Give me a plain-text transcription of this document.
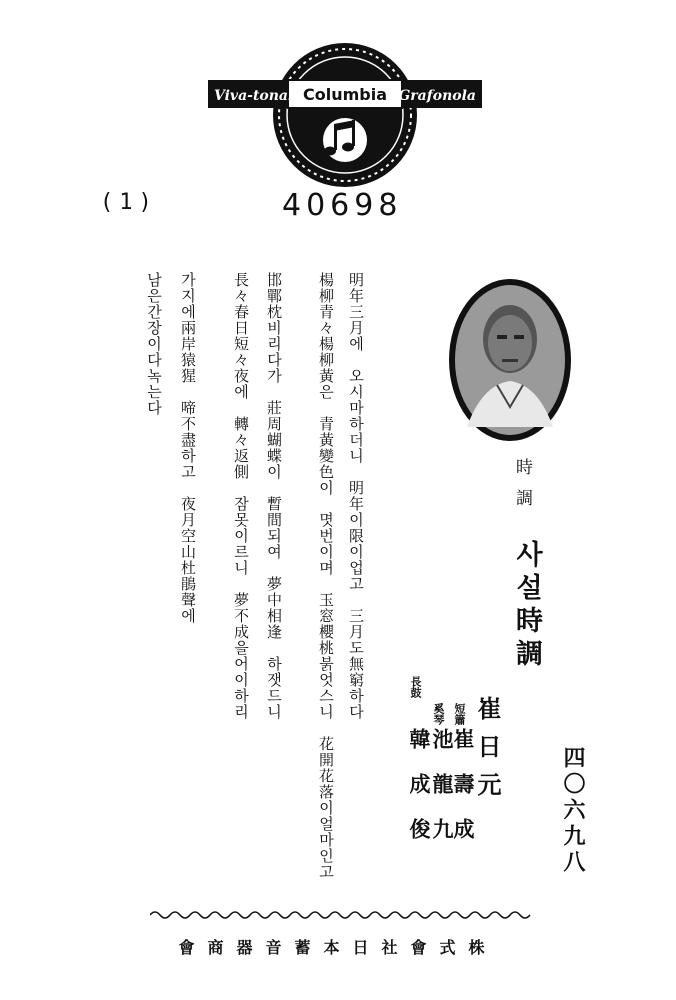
Viva-tonal Columbia Grafonola
(1)	40698
明年三月에　오시마하더니　明年이限이업고　三月도無窮하다
楊柳青々楊柳黃은　青黃變色이　몃번이며　玉窓櫻桃붉엇스니　花開花落이얼마인고
邯鄲枕비리다가　莊周蝴蝶이　暫間되여　夢中相逢　하잿드니
長々春日短々夜에　轉々返側　잠못이르니　夢不成을어이하리
가지에兩岸猿猩　啼不盡하고　夜月空山杜鵑聲에
남은간장이다녹는다
時調
사설時調
四〇六九八
崔日元
短簫
崔壽成
奚琴
池龍九
長鼓
韓成俊
會商器音蓄本日社會式株
